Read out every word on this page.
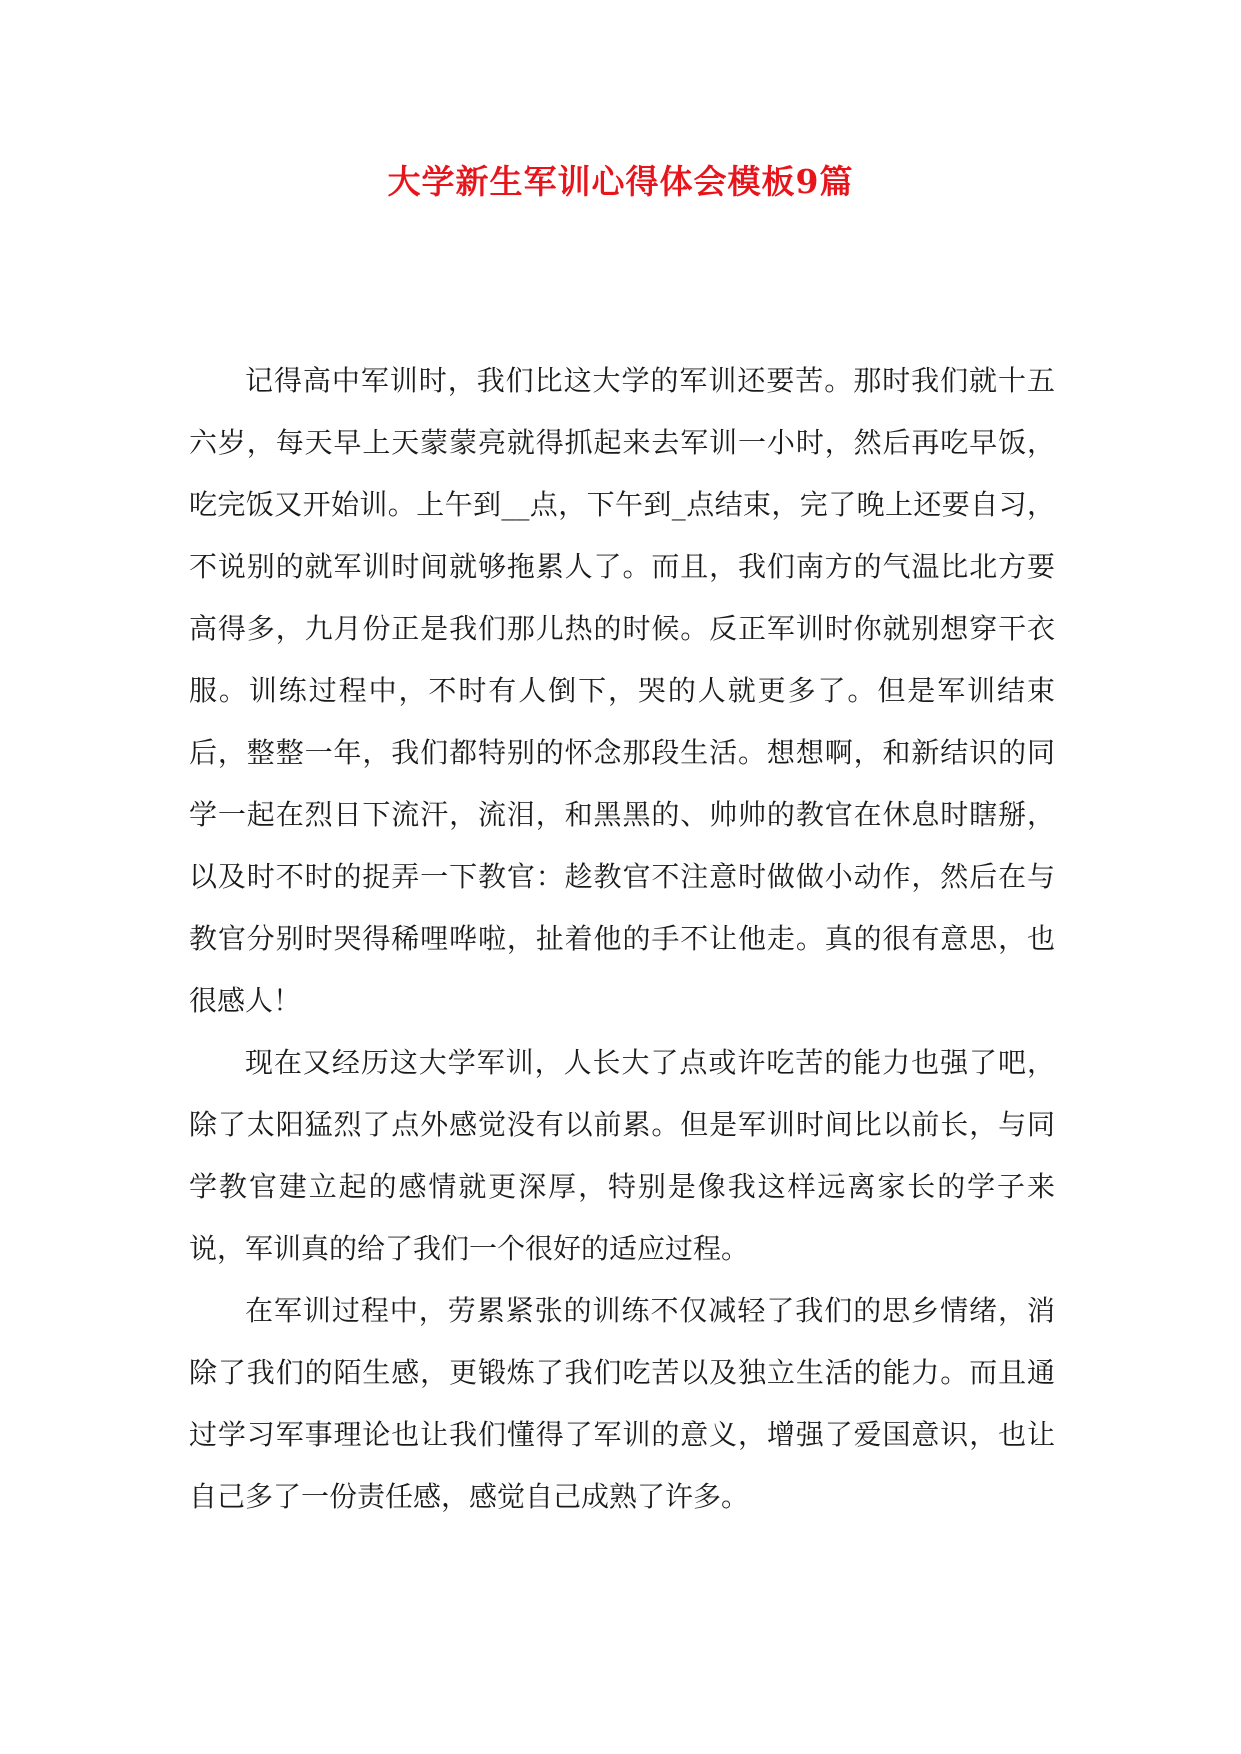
大学新生军训心得体会模板9篇

记得高中军训时，我们比这大学的军训还要苦。那时我们就十五六岁，每天早上天蒙蒙亮就得抓起来去军训一小时，然后再吃早饭，吃完饭又开始训。上午到__点，下午到_点结束，完了晚上还要自习，不说别的就军训时间就够拖累人了。而且，我们南方的气温比北方要高得多，九月份正是我们那儿热的时候。反正军训时你就别想穿干衣服。训练过程中，不时有人倒下，哭的人就更多了。但是军训结束后，整整一年，我们都特别的怀念那段生活。想想啊，和新结识的同学一起在烈日下流汗，流泪，和黑黑的、帅帅的教官在休息时瞎掰，以及时不时的捉弄一下教官：趁教官不注意时做做小动作，然后在与教官分别时哭得稀哩哗啦，扯着他的手不让他走。真的很有意思，也很感人！

现在又经历这大学军训，人长大了点或许吃苦的能力也强了吧，除了太阳猛烈了点外感觉没有以前累。但是军训时间比以前长，与同学教官建立起的感情就更深厚，特别是像我这样远离家长的学子来说，军训真的给了我们一个很好的适应过程。

在军训过程中，劳累紧张的训练不仅减轻了我们的思乡情绪，消除了我们的陌生感，更锻炼了我们吃苦以及独立生活的能力。而且通过学习军事理论也让我们懂得了军训的意义，增强了爱国意识，也让自己多了一份责任感，感觉自己成熟了许多。
